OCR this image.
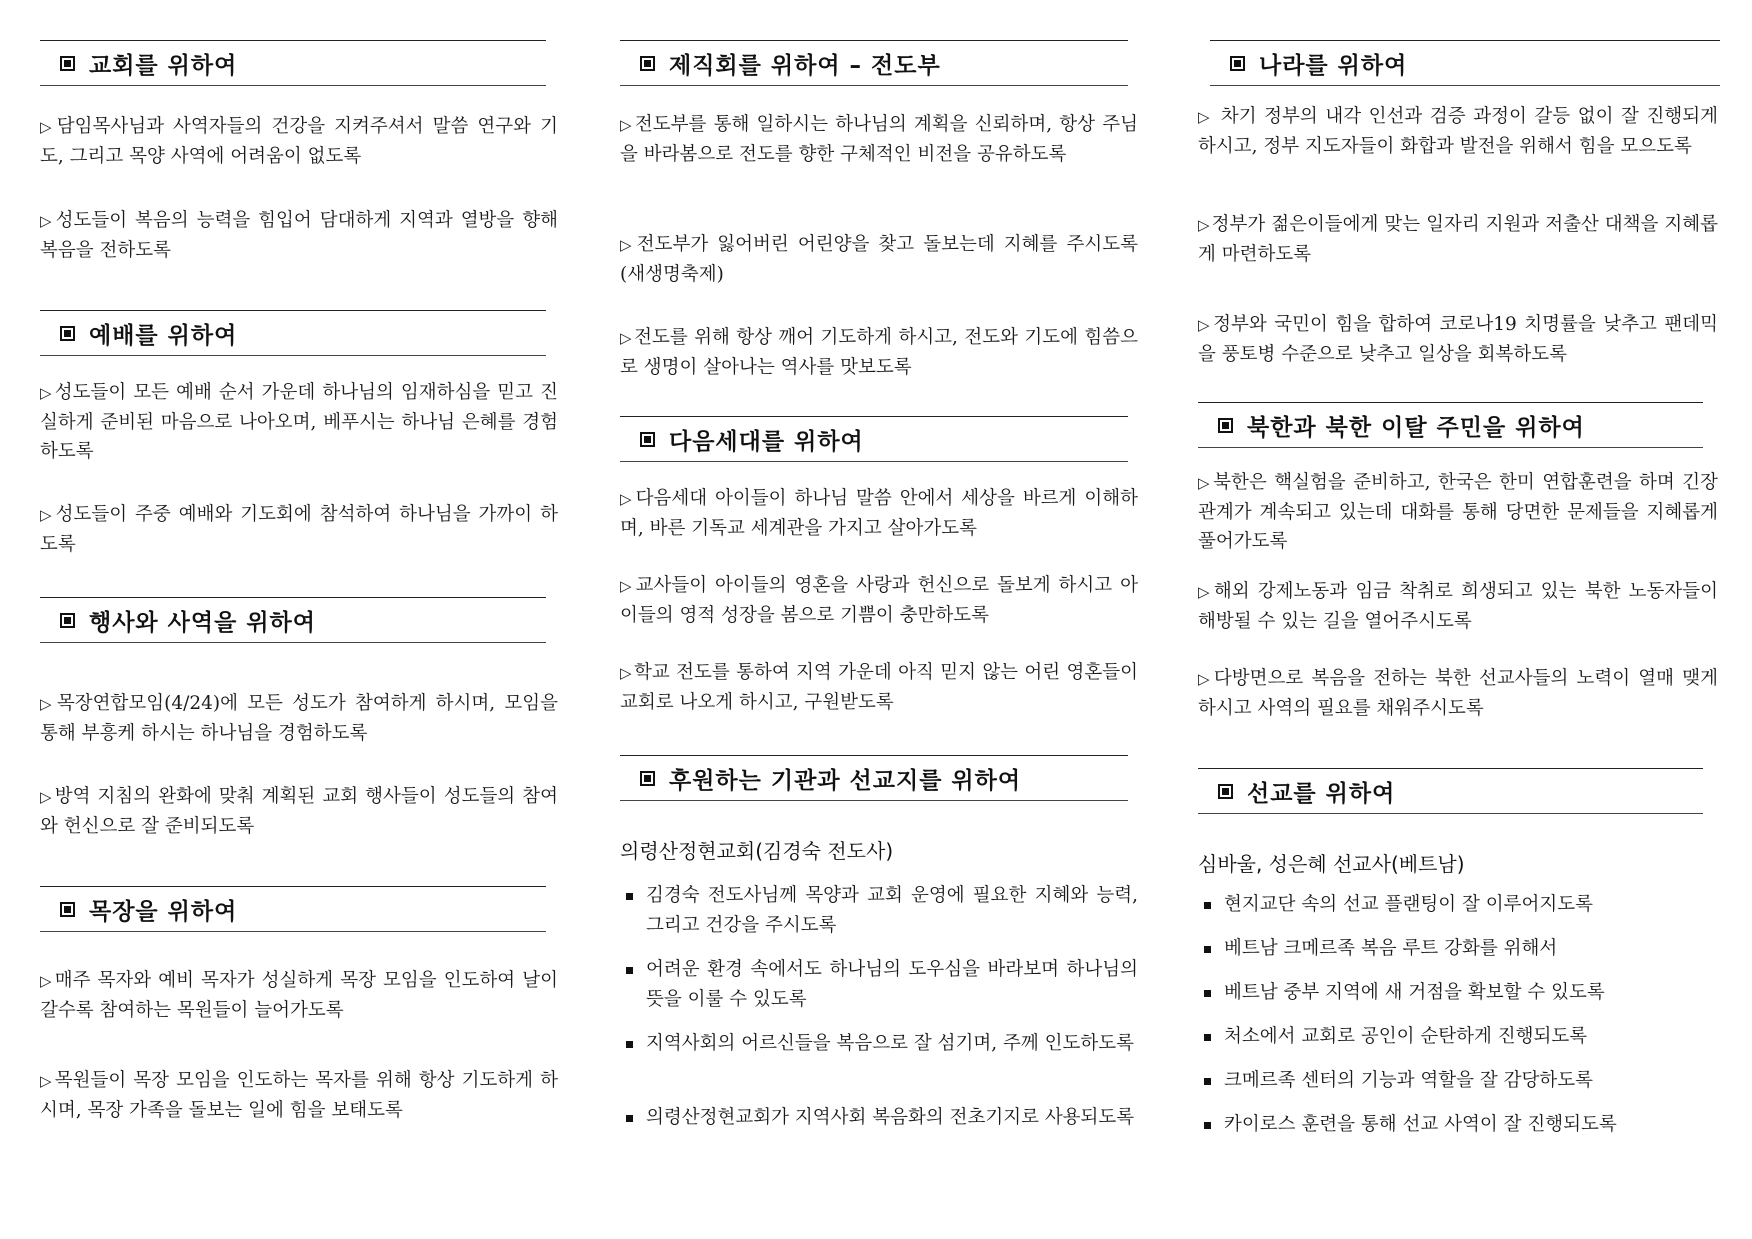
교회를 위하여
▷ 담임목사님과 사역자들의 건강을 지켜주셔서 말씀 연구와 기도, 그리고 목양 사역에 어려움이 없도록
▷ 성도들이 복음의 능력을 힘입어 담대하게 지역과 열방을 향해 복음을 전하도록
예배를 위하여
▷ 성도들이 모든 예배 순서 가운데 하나님의 임재하심을 믿고 진실하게 준비된 마음으로 나아오며, 베푸시는 하나님 은혜를 경험하도록
▷ 성도들이 주중 예배와 기도회에 참석하여 하나님을 가까이 하도록
행사와 사역을 위하여
▷ 목장연합모임(4/24)에 모든 성도가 참여하게 하시며, 모임을 통해 부흥케 하시는 하나님을 경험하도록
▷ 방역 지침의 완화에 맞춰 계획된 교회 행사들이 성도들의 참여와 헌신으로 잘 준비되도록
목장을 위하여
▷ 매주 목자와 예비 목자가 성실하게 목장 모임을 인도하여 날이 갈수록 참여하는 목원들이 늘어가도록
▷ 목원들이 목장 모임을 인도하는 목자를 위해 항상 기도하게 하시며, 목장 가족을 돌보는 일에 힘을 보태도록
제직회를 위하여 – 전도부
▷ 전도부를 통해 일하시는 하나님의 계획을 신뢰하며, 항상 주님을 바라봄으로 전도를 향한 구체적인 비전을 공유하도록
▷ 전도부가 잃어버린 어린양을 찾고 돌보는데 지혜를 주시도록(새생명축제)
▷ 전도를 위해 항상 깨어 기도하게 하시고, 전도와 기도에 힘씀으로 생명이 살아나는 역사를 맛보도록
다음세대를 위하여
▷ 다음세대 아이들이 하나님 말씀 안에서 세상을 바르게 이해하며, 바른 기독교 세계관을 가지고 살아가도록
▷ 교사들이 아이들의 영혼을 사랑과 헌신으로 돌보게 하시고 아이들의 영적 성장을 봄으로 기쁨이 충만하도록
▷ 학교 전도를 통하여 지역 가운데 아직 믿지 않는 어린 영혼들이 교회로 나오게 하시고, 구원받도록
후원하는 기관과 선교지를 위하여
의령산정현교회(김경숙 전도사)
김경숙 전도사님께 목양과 교회 운영에 필요한 지혜와 능력, 그리고 건강을 주시도록
어려운 환경 속에서도 하나님의 도우심을 바라보며 하나님의 뜻을 이룰 수 있도록
지역사회의 어르신들을 복음으로 잘 섬기며, 주께 인도하도록
의령산정현교회가 지역사회 복음화의 전초기지로 사용되도록
나라를 위하여
▷ 차기 정부의 내각 인선과 검증 과정이 갈등 없이 잘 진행되게 하시고, 정부 지도자들이 화합과 발전을 위해서 힘을 모으도록
▷ 정부가 젊은이들에게 맞는 일자리 지원과 저출산 대책을 지혜롭게 마련하도록
▷ 정부와 국민이 힘을 합하여 코로나19 치명률을 낮추고 팬데믹을 풍토병 수준으로 낮추고 일상을 회복하도록
북한과 북한 이탈 주민을 위하여
▷ 북한은 핵실험을 준비하고, 한국은 한미 연합훈련을 하며 긴장 관계가 계속되고 있는데 대화를 통해 당면한 문제들을 지혜롭게 풀어가도록
▷ 해외 강제노동과 임금 착취로 희생되고 있는 북한 노동자들이 해방될 수 있는 길을 열어주시도록
▷ 다방면으로 복음을 전하는 북한 선교사들의 노력이 열매 맺게 하시고 사역의 필요를 채워주시도록
선교를 위하여
심바울, 성은혜 선교사(베트남)
현지교단 속의 선교 플랜팅이 잘 이루어지도록
베트남 크메르족 복음 루트 강화를 위해서
베트남 중부 지역에 새 거점을 확보할 수 있도록
처소에서 교회로 공인이 순탄하게 진행되도록
크메르족 센터의 기능과 역할을 잘 감당하도록
카이로스 훈련을 통해 선교 사역이 잘 진행되도록
